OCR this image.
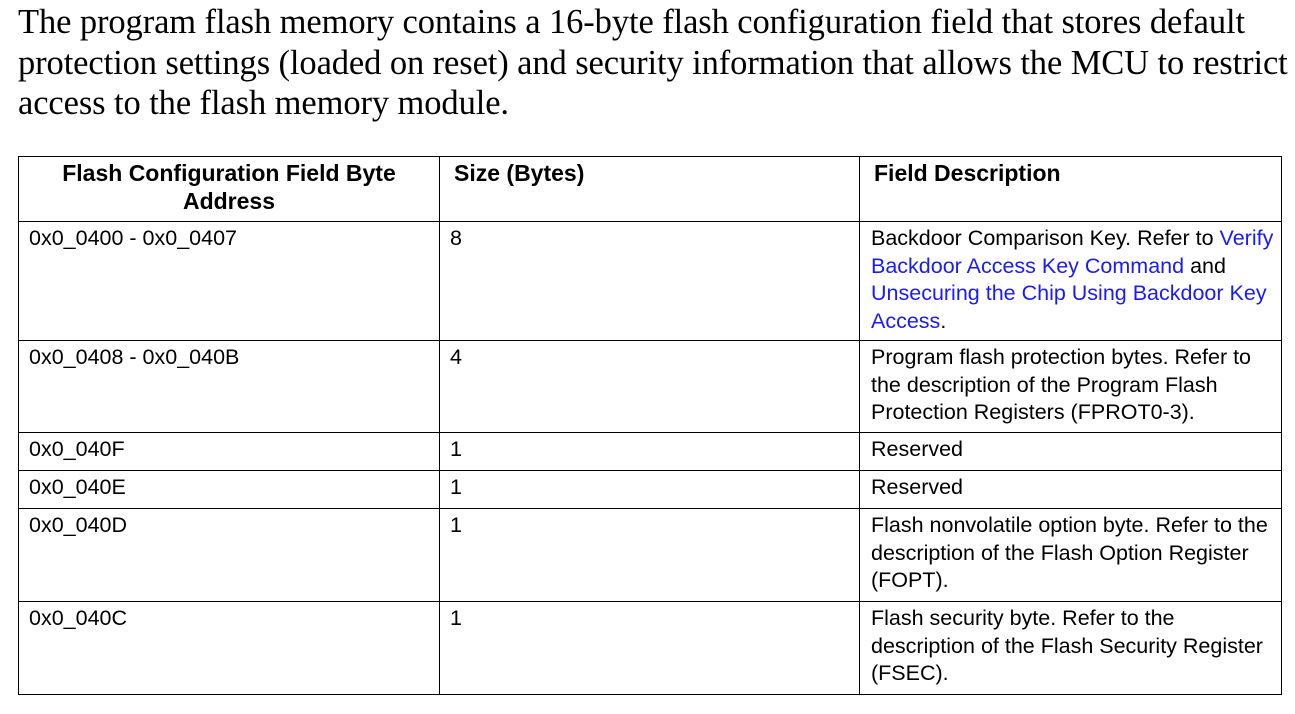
The program flash memory contains a 16-byte flash configuration field that stores default protection settings (loaded on reset) and security information that allows the MCU to restrict access to the flash memory module.

Flash Configuration Field Byte Address	Size (Bytes)	Field Description
0x0_0400 - 0x0_0407	8	Backdoor Comparison Key. Refer to Verify Backdoor Access Key Command and Unsecuring the Chip Using Backdoor Key Access.
0x0_0408 - 0x0_040B	4	Program flash protection bytes. Refer to the description of the Program Flash Protection Registers (FPROT0-3).
0x0_040F	1	Reserved
0x0_040E	1	Reserved
0x0_040D	1	Flash nonvolatile option byte. Refer to the description of the Flash Option Register (FOPT).
0x0_040C	1	Flash security byte. Refer to the description of the Flash Security Register (FSEC).
